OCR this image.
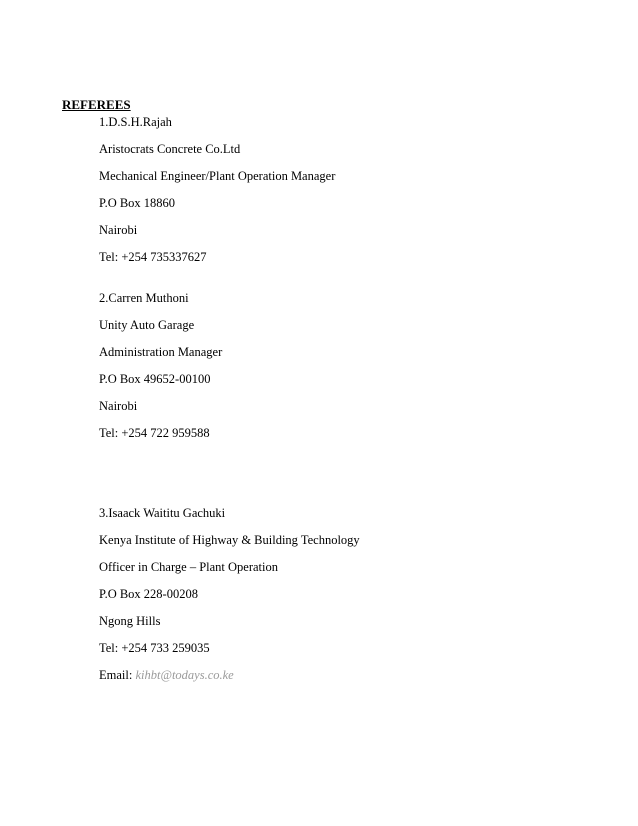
REFEREES
1.D.S.H.Rajah
Aristocrats Concrete Co.Ltd
Mechanical Engineer/Plant Operation Manager
P.O Box 18860
Nairobi
Tel: +254 735337627
2.Carren Muthoni
Unity Auto Garage
Administration Manager
P.O Box 49652-00100
Nairobi
Tel: +254 722 959588
3.Isaack Waititu Gachuki
Kenya Institute of Highway & Building Technology
Officer in Charge – Plant Operation
P.O Box 228-00208
Ngong Hills
Tel: +254 733 259035
Email: kihbt@todays.co.ke
